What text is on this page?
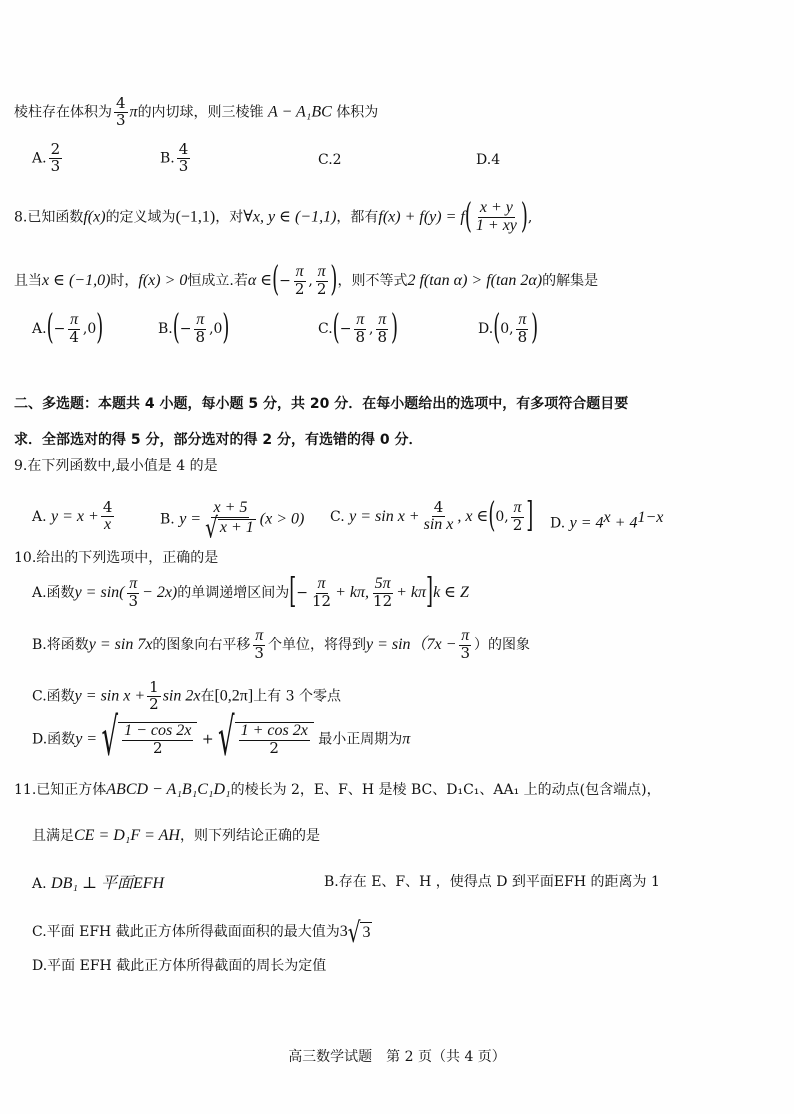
棱柱存在体积为 $\frac{4}{3}$ π的内切球，则三棱锥 A − A₁BC 体积为
A. $\frac{2}{3}$	B. $\frac{4}{3}$	C.2	D.4
8.已知函数f(x)的定义域为(−1,1)，对∀x, y ∈ (−1,1)，都有$f(x) + f(y) = f( \frac{x + y}{1 + xy}$ ),
且当x ∈ (−1,0)时，f(x) > 0恒成立.若α ∈(− $\frac{\pi}{2}$ , $\frac{\pi}{2}$ )，则不等式2 f(tan α) > f(tan 2α)的解集是
$A.(- \frac{\pi}{4} ,0)$	$B.(- \frac{\pi}{8} ,0)$	$C.(- \frac{\pi}{8}$ , $\frac{\pi}{8}$ )	D.(0, $\frac{\pi}{8}$ )
二、多选题：本题共 4 小题，每小题 5 分，共 20 分．在每小题给出的选项中，有多项符合题目要
求．全部选对的得 5 分，部分选对的得 2 分，有选错的得 0 分．
9.在下列函数中,最小值是 4 的是
A. $y = x + \frac{4}{x}$	B. $y = \frac{x + 5}{√ x + 1} (x > 0)$ C. $y = \sin x + \frac{4}{\text{sin x}}$ , x ∈(0, $\frac{\pi}{2}$ ] D. $y = 4^x + 4^{1-x}$
10.给出的下列选项中，正确的是
A.函数$y = \sin( \frac{\pi}{3} - 2x)$的单调递增区间为[− $\frac{\pi}{12} + k\pi$, $\frac{5\pi}{12} + k\pi]k$ ∈ Z
B.将函数y = sin 7x的图象向右平移 $\frac{\pi}{3}$ 个单位，将得到$y = \sin(7x - \frac{\pi}{3}$ ）的图象
C.函数$y = \sin x + \frac{1}{2}$ sin 2x在[0,2π]上有 3 个零点
D.函数y = √ $\frac{1 - \cos 2x}{2}$ + √ $\frac{1 + \cos 2x}{2}$ 最小正周期为π
11.已知正方体ABCD − A₁B₁C₁D₁的棱长为 2，E、F、H 是棱 BC、D₁C₁、AA₁ 上的动点(包含端点)，
且满足CE = D₁F = AH，则下列结论正确的是
A. DB₁ ⊥ 平面EFH	B.存在 E、F、H ，使得点 D 到平面EFH 的距离为 1
C.平面 EFH 截此正方体所得截面面积的最大值为3 √ 3
D.平面 EFH 截此正方体所得截面的周长为定值
高三数学试题　第 2 页（共 4 页）
